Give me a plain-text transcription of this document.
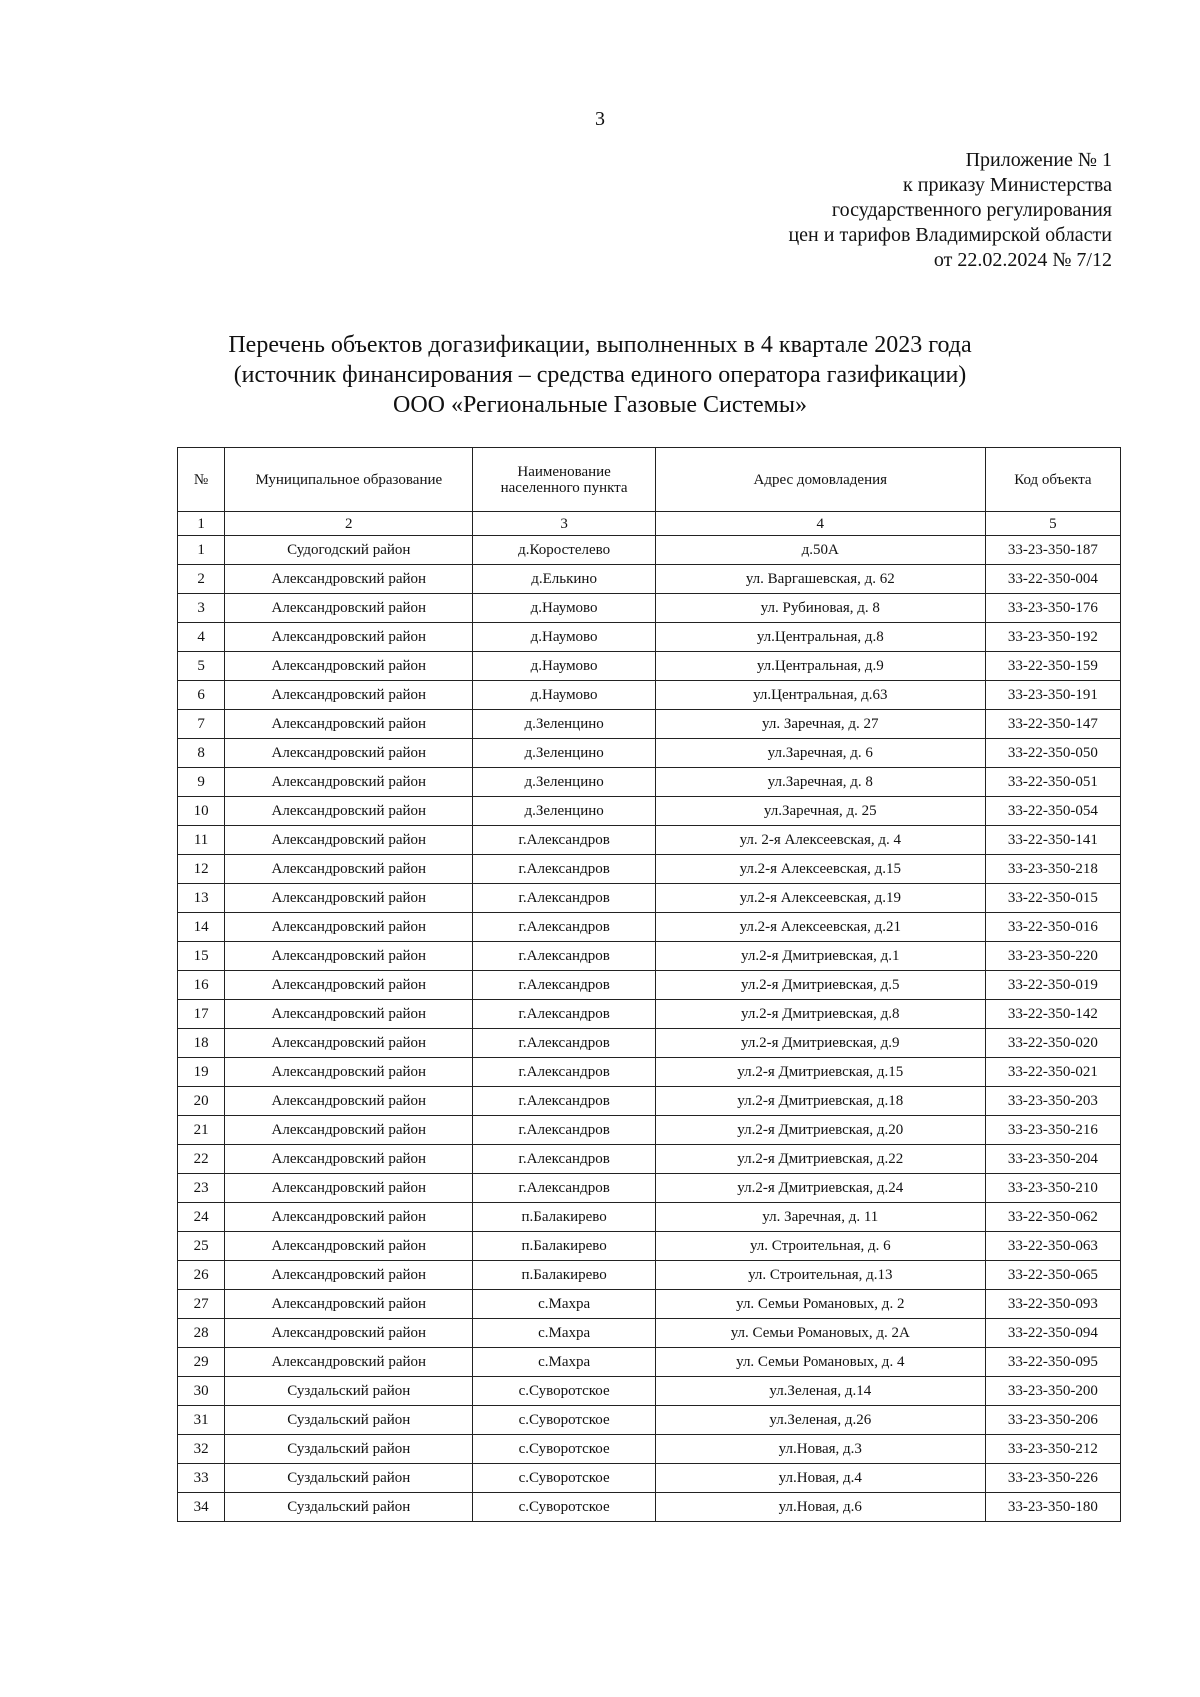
3
Приложение № 1
к приказу Министерства
государственного регулирования
цен и тарифов Владимирской области
от 22.02.2024 № 7/12
Перечень объектов догазификации, выполненных в 4 квартале 2023 года
(источник финансирования – средства единого оператора газификации)
ООО «Региональные Газовые Системы»
№	Муниципальное образование	Наименование населенного пункта	Адрес домовладения	Код объекта
1	2	3	4	5
1	Судогодский район	д.Коростелево	д.50А	33-23-350-187
2	Александровский район	д.Елькино	ул. Варгашевская, д. 62	33-22-350-004
3	Александровский район	д.Наумово	ул. Рубиновая, д. 8	33-23-350-176
4	Александровский район	д.Наумово	ул.Центральная, д.8	33-23-350-192
5	Александровский район	д.Наумово	ул.Центральная, д.9	33-22-350-159
6	Александровский район	д.Наумово	ул.Центральная, д.63	33-23-350-191
7	Александровский район	д.Зеленцино	ул. Заречная, д. 27	33-22-350-147
8	Александровский район	д.Зеленцино	ул.Заречная, д. 6	33-22-350-050
9	Александровский район	д.Зеленцино	ул.Заречная, д. 8	33-22-350-051
10	Александровский район	д.Зеленцино	ул.Заречная, д. 25	33-22-350-054
11	Александровский район	г.Александров	ул. 2-я Алексеевская, д. 4	33-22-350-141
12	Александровский район	г.Александров	ул.2-я Алексеевская, д.15	33-23-350-218
13	Александровский район	г.Александров	ул.2-я Алексеевская, д.19	33-22-350-015
14	Александровский район	г.Александров	ул.2-я Алексеевская, д.21	33-22-350-016
15	Александровский район	г.Александров	ул.2-я Дмитриевская, д.1	33-23-350-220
16	Александровский район	г.Александров	ул.2-я Дмитриевская, д.5	33-22-350-019
17	Александровский район	г.Александров	ул.2-я Дмитриевская, д.8	33-22-350-142
18	Александровский район	г.Александров	ул.2-я Дмитриевская, д.9	33-22-350-020
19	Александровский район	г.Александров	ул.2-я Дмитриевская, д.15	33-22-350-021
20	Александровский район	г.Александров	ул.2-я Дмитриевская, д.18	33-23-350-203
21	Александровский район	г.Александров	ул.2-я Дмитриевская, д.20	33-23-350-216
22	Александровский район	г.Александров	ул.2-я Дмитриевская, д.22	33-23-350-204
23	Александровский район	г.Александров	ул.2-я Дмитриевская, д.24	33-23-350-210
24	Александровский район	п.Балакирево	ул. Заречная, д. 11	33-22-350-062
25	Александровский район	п.Балакирево	ул. Строительная, д. 6	33-22-350-063
26	Александровский район	п.Балакирево	ул. Строительная, д.13	33-22-350-065
27	Александровский район	с.Махра	ул. Семьи Романовых, д. 2	33-22-350-093
28	Александровский район	с.Махра	ул. Семьи Романовых, д. 2А	33-22-350-094
29	Александровский район	с.Махра	ул. Семьи Романовых, д. 4	33-22-350-095
30	Суздальский район	с.Суворотское	ул.Зеленая, д.14	33-23-350-200
31	Суздальский район	с.Суворотское	ул.Зеленая, д.26	33-23-350-206
32	Суздальский район	с.Суворотское	ул.Новая, д.3	33-23-350-212
33	Суздальский район	с.Суворотское	ул.Новая, д.4	33-23-350-226
34	Суздальский район	с.Суворотское	ул.Новая, д.6	33-23-350-180
